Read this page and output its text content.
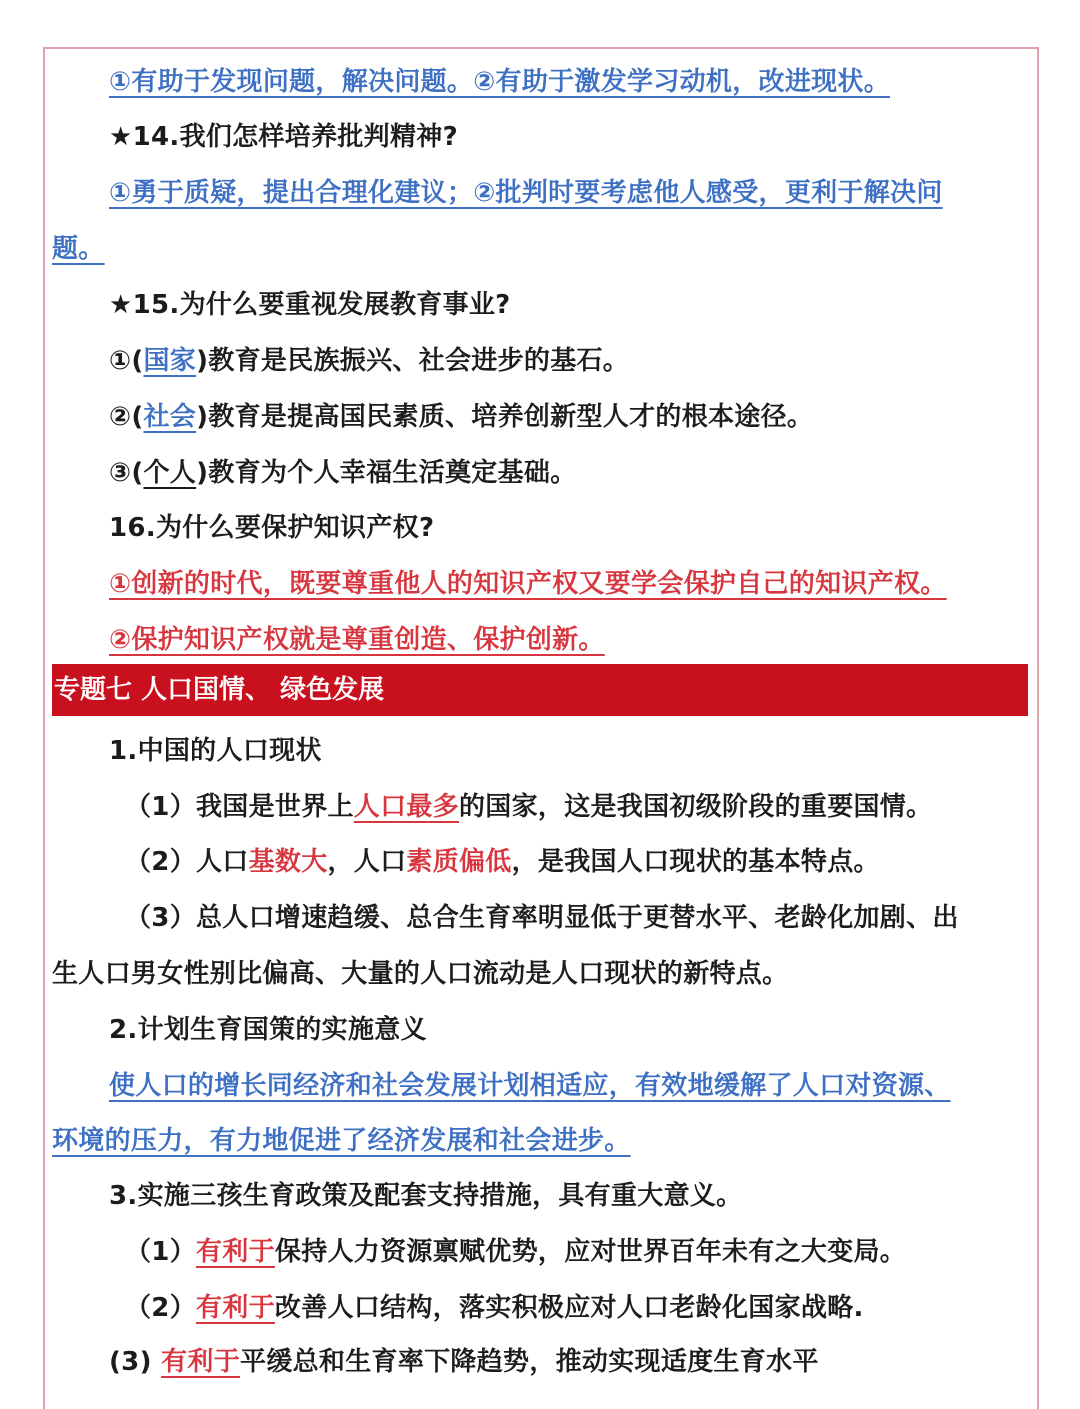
①有助于发现问题，解决问题。②有助于激发学习动机，改进现状。
★14.我们怎样培养批判精神?
①勇于质疑，提出合理化建议；②批判时要考虑他人感受，更利于解决问
题。
★15.为什么要重视发展教育事业?
①(国家)教育是民族振兴、社会进步的基石。
②(社会)教育是提高国民素质、培养创新型人才的根本途径。
③(个人)教育为个人幸福生活奠定基础。
16.为什么要保护知识产权?
①创新的时代，既要尊重他人的知识产权又要学会保护自己的知识产权。
②保护知识产权就是尊重创造、保护创新。
专题七 人口国情、 绿色发展
1.中国的人口现状
（1）我国是世界上人口最多的国家，这是我国初级阶段的重要国情。
（2）人口基数大，人口素质偏低，是我国人口现状的基本特点。
（3）总人口增速趋缓、总合生育率明显低于更替水平、老龄化加剧、出
生人口男女性别比偏高、大量的人口流动是人口现状的新特点。
2.计划生育国策的实施意义
使人口的增长同经济和社会发展计划相适应，有效地缓解了人口对资源、
环境的压力，有力地促进了经济发展和社会进步。
3.实施三孩生育政策及配套支持措施，具有重大意义。
（1）有利于保持人力资源禀赋优势，应对世界百年未有之大变局。
（2）有利于改善人口结构，落实积极应对人口老龄化国家战略.
(3) 有利于平缓总和生育率下降趋势，推动实现适度生育水平
